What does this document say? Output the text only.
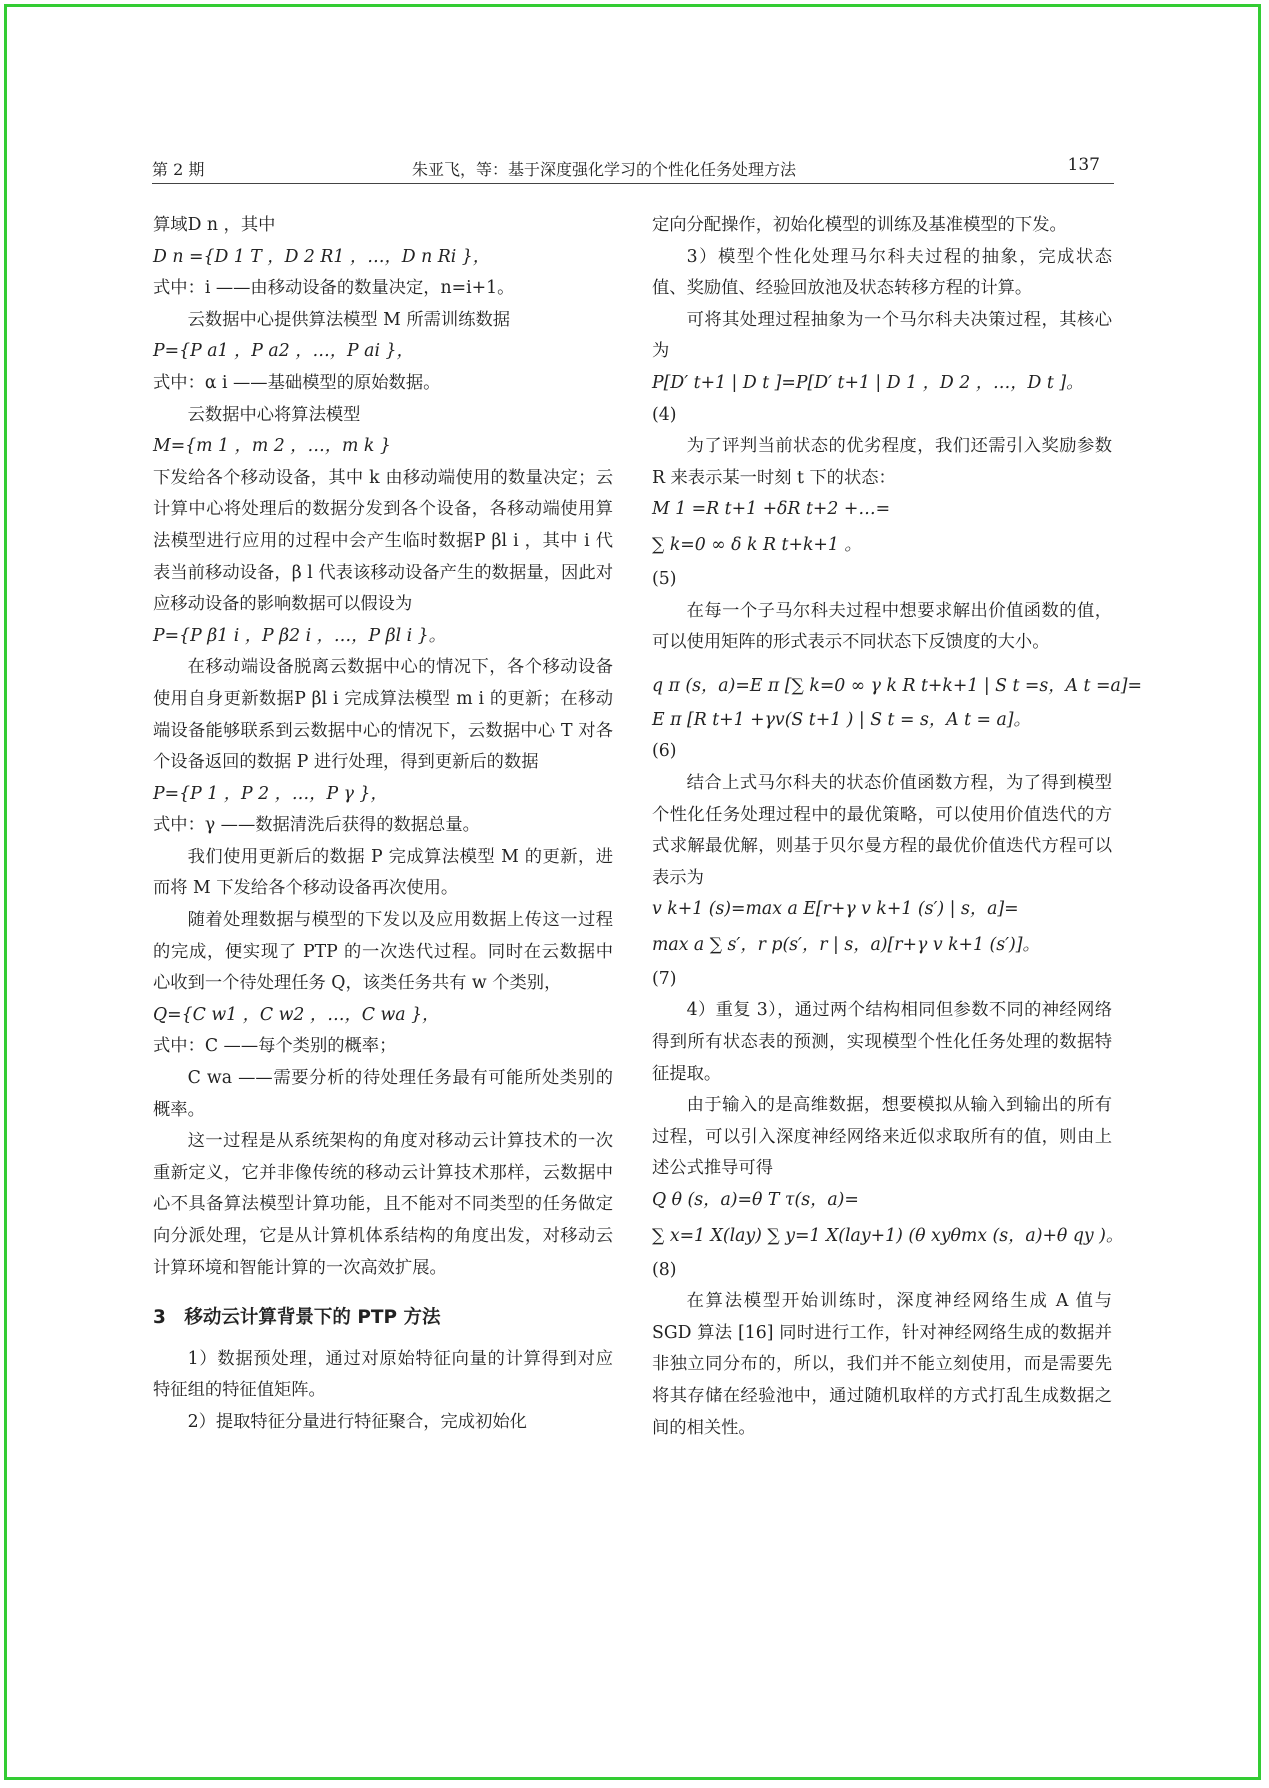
第 2 期	朱亚飞，等：基于深度强化学习的个性化任务处理方法	137

算域D n ，其中

D n ={D 1 T ，D 2 R1 ，…，D n Ri }，

式中：i ——由移动设备的数量决定，n=i+1。

云数据中心提供算法模型 M 所需训练数据

P={P a1 ，P a2 ，…，P ai }，

式中：α i ——基础模型的原始数据。

云数据中心将算法模型

M={m 1 ，m 2 ，…，m k }

下发给各个移动设备，其中 k 由移动端使用的数量决定；云计算中心将处理后的数据分发到各个设备，各移动端使用算法模型进行应用的过程中会产生临时数据P βl i ，其中 i 代表当前移动设备，β l 代表该移动设备产生的数据量，因此对应移动设备的影响数据可以假设为

P={P β1 i ，P β2 i ，…，P βl i }。

在移动端设备脱离云数据中心的情况下，各个移动设备使用自身更新数据P βl i 完成算法模型 m i 的更新；在移动端设备能够联系到云数据中心的情况下，云数据中心 T 对各个设备返回的数据 P 进行处理，得到更新后的数据

P={P 1 ，P 2 ，…，P γ }，

式中：γ ——数据清洗后获得的数据总量。

我们使用更新后的数据 P 完成算法模型 M 的更新，进而将 M 下发给各个移动设备再次使用。

随着处理数据与模型的下发以及应用数据上传这一过程的完成，便实现了 PTP 的一次迭代过程。同时在云数据中心收到一个待处理任务 Q，该类任务共有 w 个类别，

Q={C w1 ，C w2 ，…，C wa }，

式中：C ——每个类别的概率；

C wa ——需要分析的待处理任务最有可能所处类别的概率。

这一过程是从系统架构的角度对移动云计算技术的一次重新定义，它并非像传统的移动云计算技术那样，云数据中心不具备算法模型计算功能，且不能对不同类型的任务做定向分派处理，它是从计算机体系结构的角度出发，对移动云计算环境和智能计算的一次高效扩展。

3　移动云计算背景下的 PTP 方法

1）数据预处理，通过对原始特征向量的计算得到对应特征组的特征值矩阵。

2）提取特征分量进行特征聚合，完成初始化

定向分配操作，初始化模型的训练及基准模型的下发。

3）模型个性化处理马尔科夫过程的抽象，完成状态值、奖励值、经验回放池及状态转移方程的计算。

可将其处理过程抽象为一个马尔科夫决策过程，其核心为

P[D′ t+1 | D t ]=P[D′ t+1 | D 1 ，D 2 ，…，D t ]。

(4)

为了评判当前状态的优劣程度，我们还需引入奖励参数 R 来表示某一时刻 t 下的状态：

M 1 =R t+1 +δR t+2 +…=

∑ k=0 ∞ δ k R t+k+1 。

(5)

在每一个子马尔科夫过程中想要求解出价值函数的值，可以使用矩阵的形式表示不同状态下反馈度的大小。

q π (s，a)=E π [∑ k=0 ∞ γ k R t+k+1 | S t =s，A t =a]=

E π [R t+1 +γv(S t+1 ) | S t = s，A t = a]。

(6)

结合上式马尔科夫的状态价值函数方程，为了得到模型个性化任务处理过程中的最优策略，可以使用价值迭代的方式求解最优解，则基于贝尔曼方程的最优价值迭代方程可以表示为

v k+1 (s)=max a E[r+γ v k+1 (s′) | s，a]=

max a ∑ s′，r p(s′，r | s，a)[r+γ v k+1 (s′)]。

(7)

4）重复 3），通过两个结构相同但参数不同的神经网络得到所有状态表的预测，实现模型个性化任务处理的数据特征提取。

由于输入的是高维数据，想要模拟从输入到输出的所有过程，可以引入深度神经网络来近似求取所有的值，则由上述公式推导可得

Q θ (s，a)=θ T τ(s，a)=

∑ x=1 X(lay) ∑ y=1 X(lay+1) (θ xyθmx (s，a)+θ qy )。

(8)

在算法模型开始训练时，深度神经网络生成 A 值与 SGD 算法 [16] 同时进行工作，针对神经网络生成的数据并非独立同分布的，所以，我们并不能立刻使用，而是需要先将其存储在经验池中，通过随机取样的方式打乱生成数据之间的相关性。
